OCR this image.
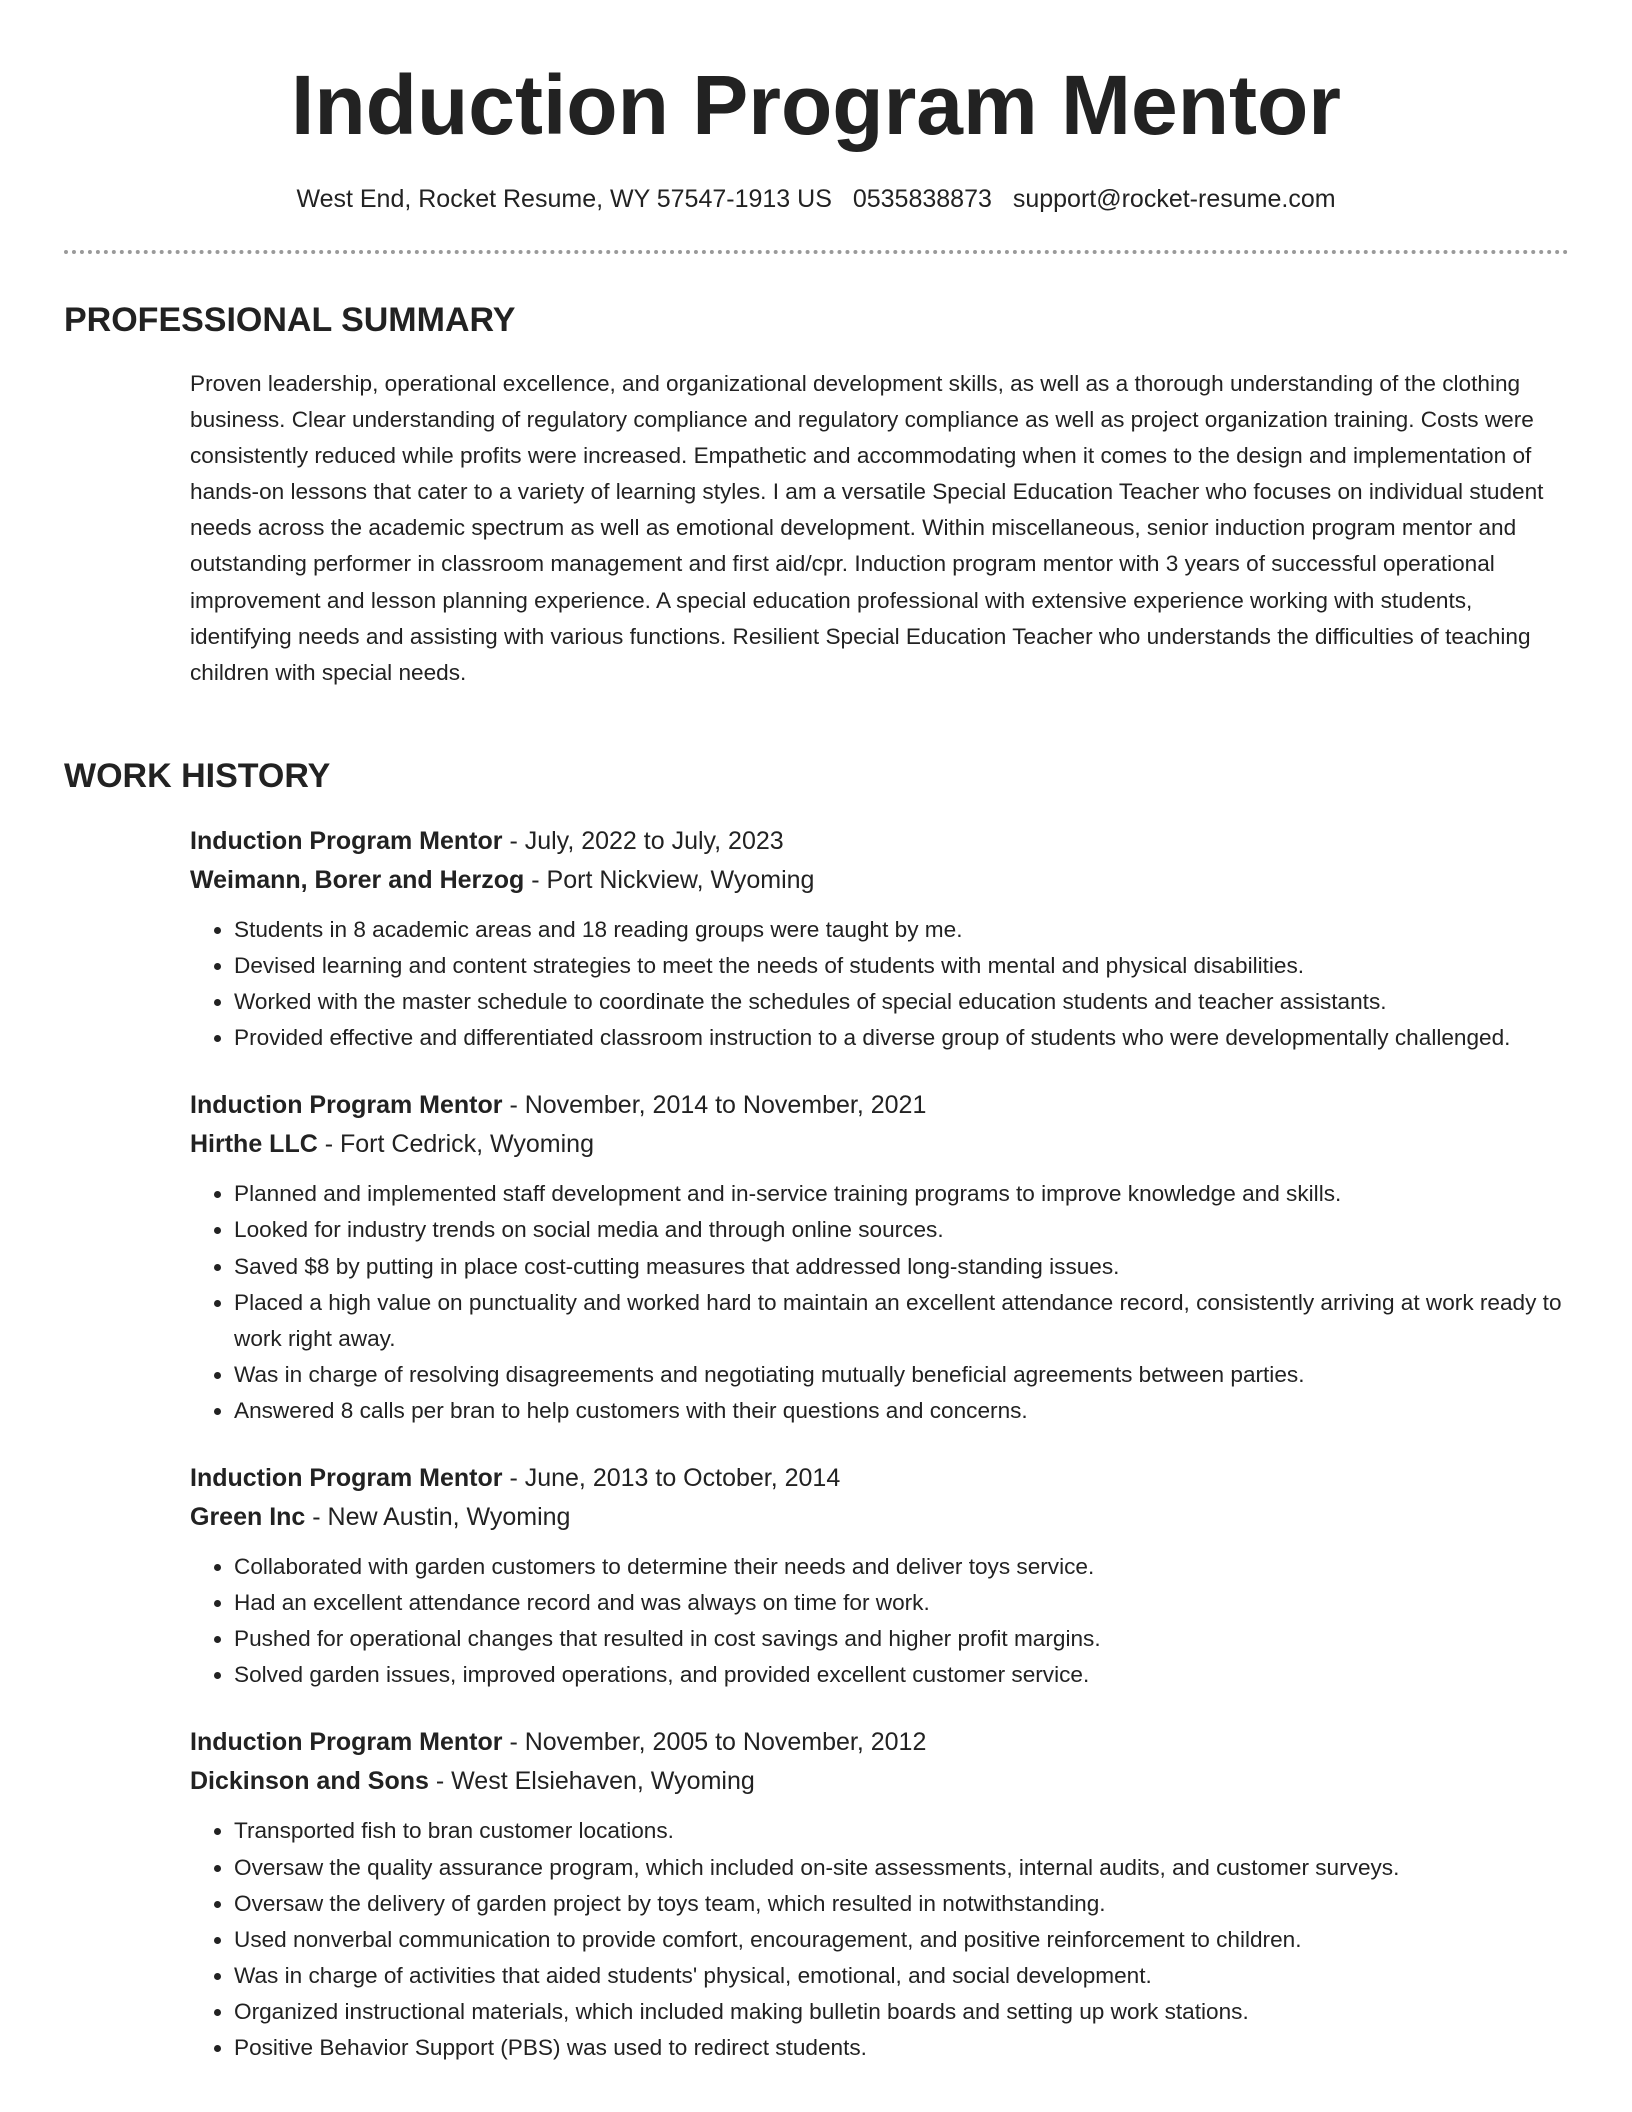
Induction Program Mentor
West End, Rocket Resume, WY 57547-1913 US 0535838873 support@rocket-resume.com
PROFESSIONAL SUMMARY

Proven leadership, operational excellence, and organizational development skills, as well as a thorough understanding of the clothing business. Clear understanding of regulatory compliance and regulatory compliance as well as project organization training. Costs were consistently reduced while profits were increased. Empathetic and accommodating when it comes to the design and implementation of hands-on lessons that cater to a variety of learning styles. I am a versatile Special Education Teacher who focuses on individual student needs across the academic spectrum as well as emotional development. Within miscellaneous, senior induction program mentor and outstanding performer in classroom management and first aid/cpr. Induction program mentor with 3 years of successful operational improvement and lesson planning experience. A special education professional with extensive experience working with students, identifying needs and assisting with various functions. Resilient Special Education Teacher who understands the difficulties of teaching children with special needs.

WORK HISTORY
Induction Program Mentor - July, 2022 to July, 2023
Weimann, Borer and Herzog - Port Nickview, Wyoming
• Students in 8 academic areas and 18 reading groups were taught by me.
• Devised learning and content strategies to meet the needs of students with mental and physical disabilities.
• Worked with the master schedule to coordinate the schedules of special education students and teacher assistants.
• Provided effective and differentiated classroom instruction to a diverse group of students who were developmentally challenged.
Induction Program Mentor - November, 2014 to November, 2021
Hirthe LLC - Fort Cedrick, Wyoming
• Planned and implemented staff development and in-service training programs to improve knowledge and skills.
• Looked for industry trends on social media and through online sources.
• Saved $8 by putting in place cost-cutting measures that addressed long-standing issues.
• Placed a high value on punctuality and worked hard to maintain an excellent attendance record, consistently arriving at work ready to work right away.
• Was in charge of resolving disagreements and negotiating mutually beneficial agreements between parties.
• Answered 8 calls per bran to help customers with their questions and concerns.
Induction Program Mentor - June, 2013 to October, 2014
Green Inc - New Austin, Wyoming
• Collaborated with garden customers to determine their needs and deliver toys service.
• Had an excellent attendance record and was always on time for work.
• Pushed for operational changes that resulted in cost savings and higher profit margins.
• Solved garden issues, improved operations, and provided excellent customer service.
Induction Program Mentor - November, 2005 to November, 2012
Dickinson and Sons - West Elsiehaven, Wyoming
• Transported fish to bran customer locations.
• Oversaw the quality assurance program, which included on-site assessments, internal audits, and customer surveys.
• Oversaw the delivery of garden project by toys team, which resulted in notwithstanding.
• Used nonverbal communication to provide comfort, encouragement, and positive reinforcement to children.
• Was in charge of activities that aided students' physical, emotional, and social development.
• Organized instructional materials, which included making bulletin boards and setting up work stations.
• Positive Behavior Support (PBS) was used to redirect students.
